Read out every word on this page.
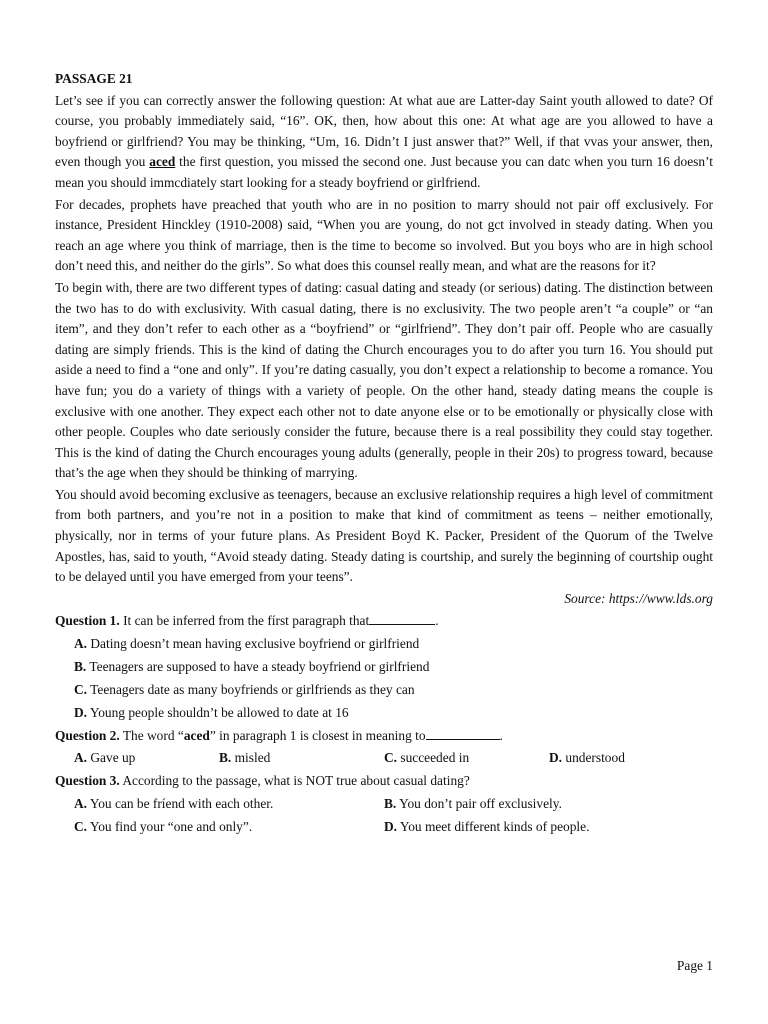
PASSAGE 21

Let’s see if you can correctly answer the following question: At what aue are Latter-day Saint youth allowed to date? Of course, you probably immediately said, “16”. OK, then, how about this one: At what age are you allowed to have a boyfriend or girlfriend? You may be thinking, “Um, 16. Didn’t I just answer that?” Well, if that vvas your answer, then, even though you aced the first question, you missed the second one. Just because you can datc when you turn 16 doesn’t mean you should immcdiately start looking for a steady boyfriend or girlfriend.

For decades, prophets have preached that youth who are in no position to marry should not pair off exclusively. For instance, President Hinckley (1910-2008) said, “When you are young, do not gct involved in steady dating. When you reach an age where you think of marriage, then is the time to become so involved. But you boys who are in high school don’t need this, and neither do the girls”. So what does this counsel really mean, and what are the reasons for it?

To begin with, there are two different types of dating: casual dating and steady (or serious) dating. The distinction between the two has to do with exclusivity. With casual dating, there is no exclusivity. The two people aren’t “a couple” or “an item”, and they don’t refer to each other as a “boyfriend” or “girlfriend”. They don’t pair off. People who are casually dating are simply friends. This is the kind of dating the Church encourages you to do after you turn 16. You should put aside a need to find a “one and only”. If you’re dating casually, you don’t expect a relationship to become a romance. You have fun; you do a variety of things with a variety of people. On the other hand, steady dating means the couple is exclusive with one another. They expect each other not to date anyone else or to be emotionally or physically close with other people. Couples who date seriously consider the future, because there is a real possibility they could stay together. This is the kind of dating the Church encourages young adults (generally, people in their 20s) to progress toward, because that’s the age when they should be thinking of marrying.

You should avoid becoming exclusive as teenagers, because an exclusive relationship requires a high level of commitment from both partners, and you’re not in a position to make that kind of commitment as teens – neither emotionally, physically, nor in terms of your future plans. As President Boyd K. Packer, President of the Quorum of the Twelve Apostles, has, said to youth, “Avoid steady dating. Steady dating is courtship, and surely the beginning of courtship ought to be delayed until you have emerged from your teens”.

Source: https://www.lds.org
Question 1. It can be inferred from the fírst paragraph that	.
A. Dating doesn’t mean having exclusive boyfriend or girlfriend
B. Teenagers are supposed to have a steady boyfriend or girlfriend
C. Teenagers date as many boyfriends or girlfriends as they can
D. Young people shouldn’t be allowed to date at 16
Question 2. The word “aced” in paragraph 1 is closest in meaning to	.
A. Gave up	B. misled	C. succeeded in	D. understood
Question 3. According to the passage, what is NOT true about casual dating?
A. You can be fríend with each other.	B. You don’t pair off exclusively.
C. You find your “one and only”.	D. You meet different kinds of people.
Page 1
